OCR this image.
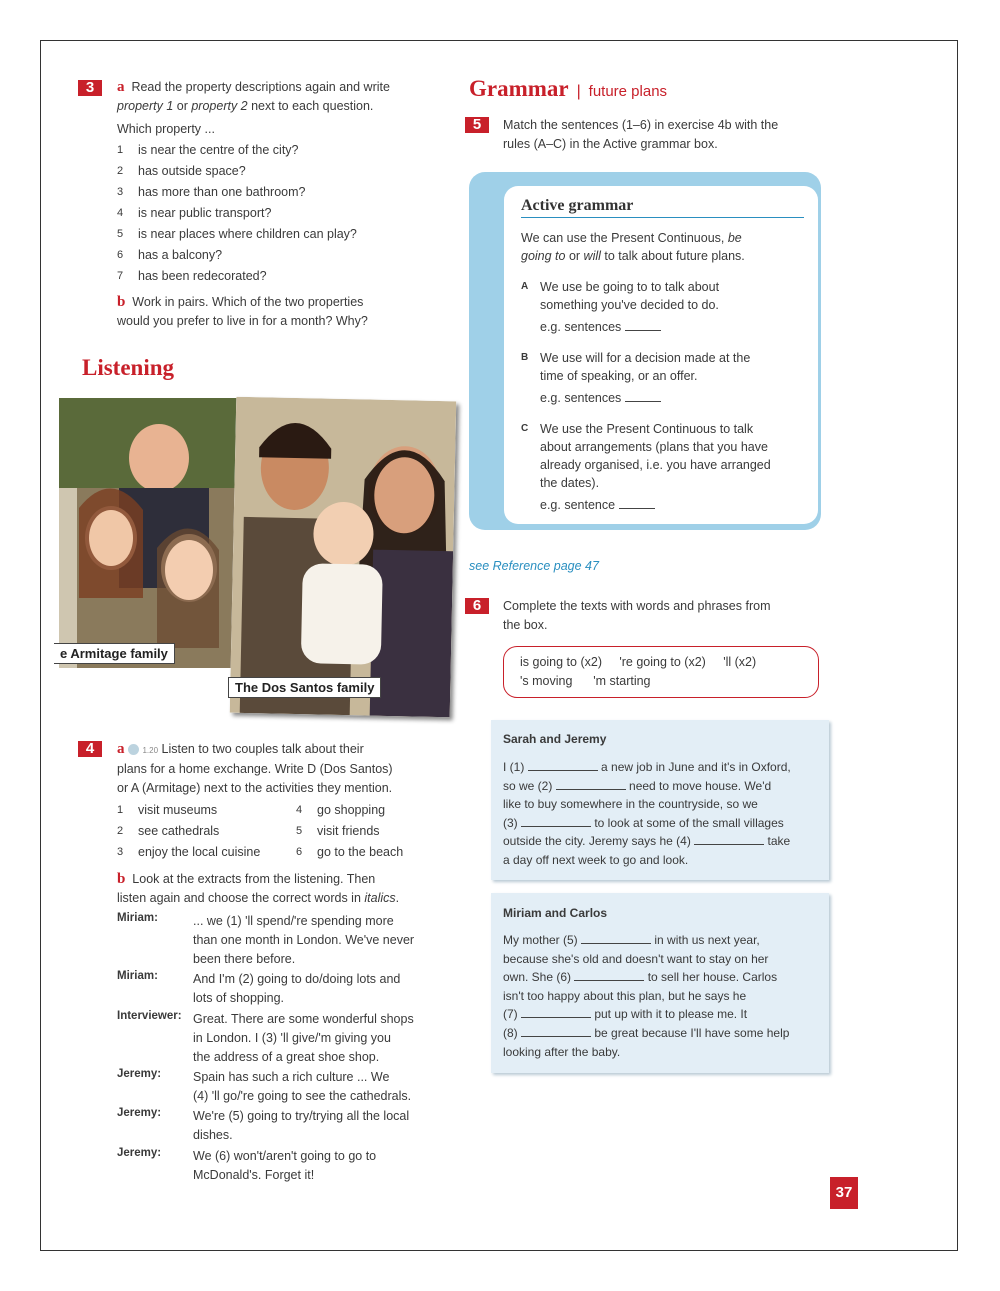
3	a Read the property descriptions again and write
property 1 or property 2 next to each question.
Which property ...
1 is near the centre of the city?
2 has outside space?
3 has more than one bathroom?
4 is near public transport?
5 is near places where children can play?
6 has a balcony?
7 has been redecorated?
b Work in pairs. Which of the two properties
would you prefer to live in for a month? Why?
Listening
e Armitage family
The Dos Santos family
4	a 1.20 Listen to two couples talk about their
plans for a home exchange. Write D (Dos Santos)
or A (Armitage) next to the activities they mention.
1 visit museums
2 see cathedrals
3 enjoy the local cuisine
4 go shopping
5 visit friends
6 go to the beach
b Look at the extracts from the listening. Then
listen again and choose the correct words in italics.
Miriam:	... we (1) 'll spend/'re spending more
than one month in London. We've never
been there before.
Miriam:	And I'm (2) going to do/doing lots and
lots of shopping.
Interviewer: Great. There are some wonderful shops
in London. I (3) 'll give/'m giving you
the address of a great shoe shop.
Jeremy:	Spain has such a rich culture ... We
(4) 'll go/'re going to see the cathedrals.
Jeremy:	We're (5) going to try/trying all the local
dishes.
Jeremy:	We (6) won't/aren't going to go to
McDonald's. Forget it!
Grammar  |  future plans
5	Match the sentences (1–6) in exercise 4b with the
rules (A–C) in the Active grammar box.
Active grammar
We can use the Present Continuous, be
going to or will to talk about future plans.
A We use be going to to talk about
something you've decided to do.
e.g. sentences
B We use will for a decision made at the
time of speaking, or an offer.
e.g. sentences
C We use the Present Continuous to talk
about arrangements (plans that you have
already organised, i.e. you have arranged
the dates).
e.g. sentence
see Reference page 47
6	Complete the texts with words and phrases from
the box.
is going to (x2) 're going to (x2) 'll (x2)
's moving 'm starting
Sarah and Jeremy
I (1)	a new job in June and it's in Oxford,
so we (2)	need to move house. We'd
like to buy somewhere in the countryside, so we
(3)	to look at some of the small villages
outside the city. Jeremy says he (4)	take
a day off next week to go and look.
Miriam and Carlos
My mother (5)	in with us next year,
because she's old and doesn't want to stay on her
own. She (6)	to sell her house. Carlos
isn't too happy about this plan, but he says he
(7)	put up with it to please me. It
(8)	be great because I'll have some help
looking after the baby.
37
